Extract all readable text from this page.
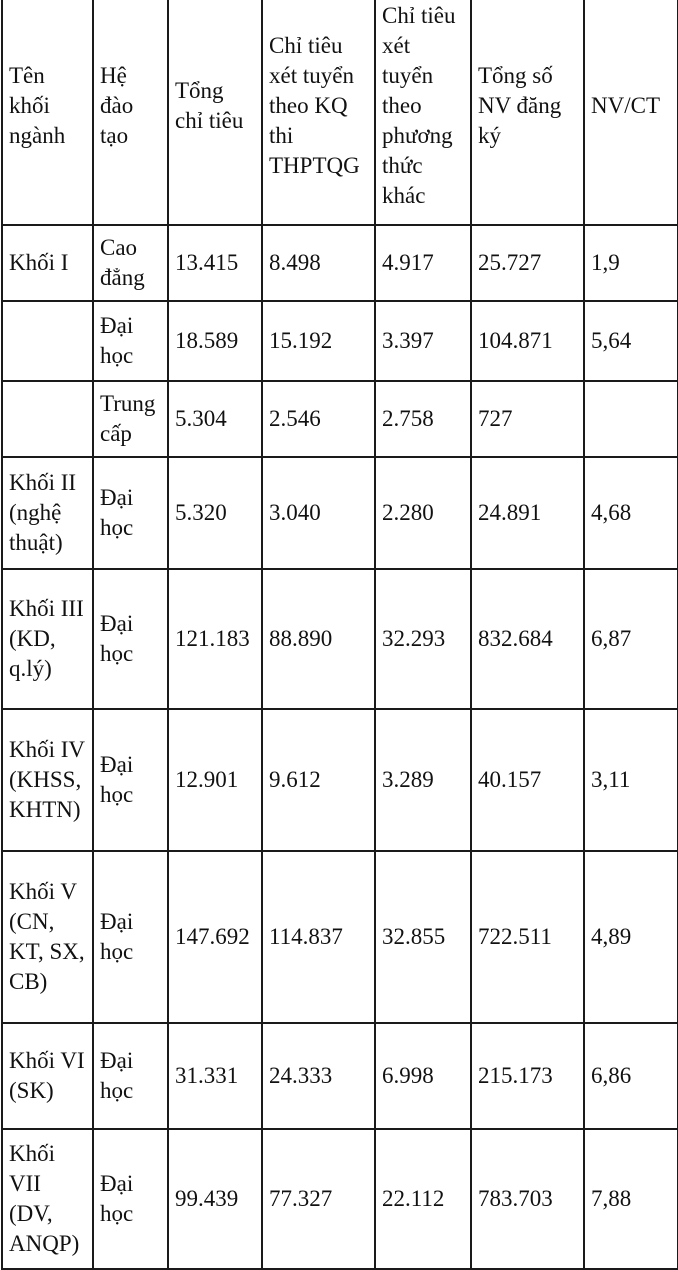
Tên khối ngành	Hệ đào tạo	Tổng chỉ tiêu	Chỉ tiêu xét tuyển theo KQ thi THPTQG	Chỉ tiêu xét tuyển theo phương thức khác	Tổng số NV đăng ký	NV/CT
Khối I	Cao đẳng	13.415	8.498	4.917	25.727	1,9
	Đại học	18.589	15.192	3.397	104.871	5,64
	Trung cấp	5.304	2.546	2.758	727	
Khối II (nghệ thuật)	Đại học	5.320	3.040	2.280	24.891	4,68
Khối III (KD, q.lý)	Đại học	121.183	88.890	32.293	832.684	6,87
Khối IV (KHSS, KHTN)	Đại học	12.901	9.612	3.289	40.157	3,11
Khối V (CN, KT, SX, CB)	Đại học	147.692	114.837	32.855	722.511	4,89
Khối VI (SK)	Đại học	31.331	24.333	6.998	215.173	6,86
Khối VII (DV, ANQP)	Đại học	99.439	77.327	22.112	783.703	7,88
